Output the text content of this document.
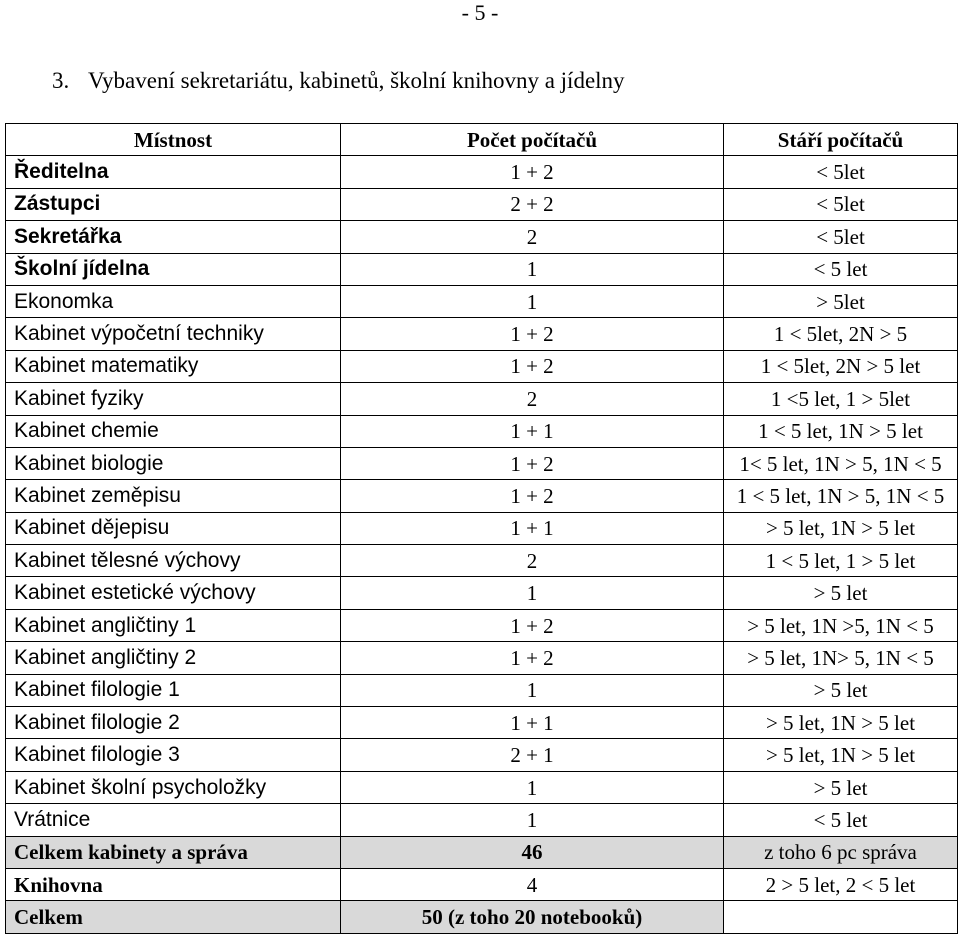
- 5 -
3. Vybavení sekretariátu, kabinetů, školní knihovny a jídelny
Místnost	Počet počítačů	Stáří počítačů
Ředitelna	1 + 2	< 5let
Zástupci	2 + 2	< 5let
Sekretářka	2	< 5let
Školní jídelna	1	< 5 let
Ekonomka	1	> 5let
Kabinet výpočetní techniky	1 + 2	1 < 5let, 2N > 5
Kabinet matematiky	1 + 2	1 < 5let, 2N > 5 let
Kabinet fyziky	2	1 <5 let, 1 > 5let
Kabinet chemie	1 + 1	1 < 5 let, 1N > 5 let
Kabinet biologie	1 + 2	1< 5 let, 1N > 5, 1N < 5
Kabinet zeměpisu	1 + 2	1 < 5 let, 1N > 5, 1N < 5
Kabinet dějepisu	1 + 1	> 5 let, 1N > 5 let
Kabinet tělesné výchovy	2	1 < 5 let, 1 > 5 let
Kabinet estetické výchovy	1	> 5 let
Kabinet angličtiny 1	1 + 2	> 5 let, 1N >5, 1N < 5
Kabinet angličtiny 2	1 + 2	> 5 let, 1N> 5, 1N < 5
Kabinet filologie 1	1	> 5 let
Kabinet filologie 2	1 + 1	> 5 let, 1N > 5 let
Kabinet filologie 3	2 + 1	> 5 let, 1N > 5 let
Kabinet školní psycholožky	1	> 5 let
Vrátnice	1	< 5 let
Celkem kabinety a správa	46	z toho 6 pc správa
Knihovna	4	2 > 5 let, 2 < 5 let
Celkem	50 (z toho 20 notebooků)	
